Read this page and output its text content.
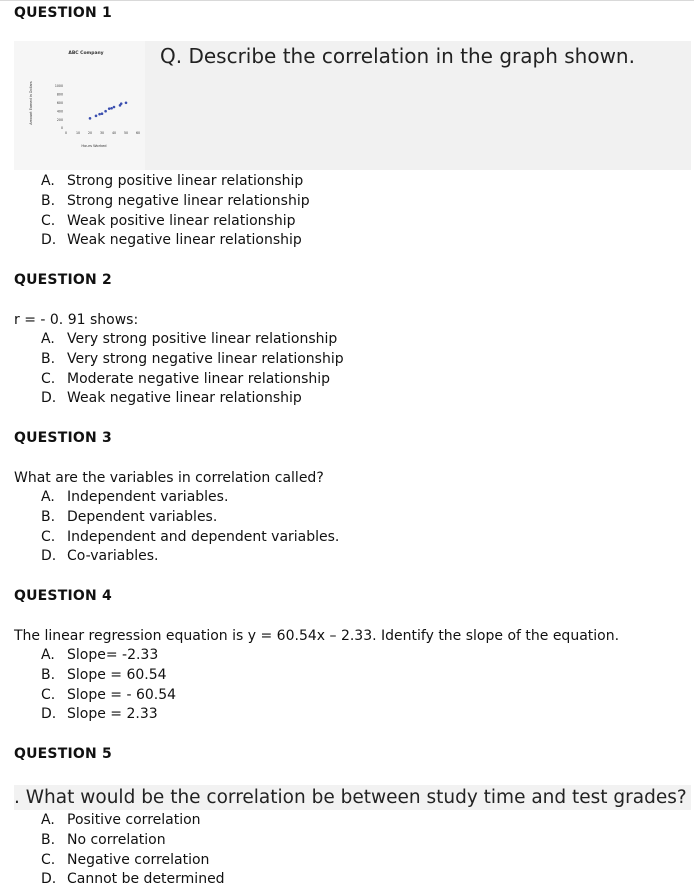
QUESTION 1
ABC Company
Amount Earned in Dollars
Hours Worked
1000
800
600
400
200
0
0	10 20 30 40 50 60
Q. Describe the correlation in the graph shown.
A. Strong positive linear relationship
B. Strong negative linear relationship
C. Weak positive linear relationship
D. Weak negative linear relationship
QUESTION 2
r = - 0. 91 shows:
A. Very strong positive linear relationship
B. Very strong negative linear relationship
C. Moderate negative linear relationship
D. Weak negative linear relationship
QUESTION 3
What are the variables in correlation called?
A. Independent variables.
B. Dependent variables.
C. Independent and dependent variables.
D. Co-variables.
QUESTION 4
The linear regression equation is y = 60.54x – 2.33. Identify the slope of the equation.
A. Slope= -2.33
B. Slope = 60.54
C. Slope = - 60.54
D. Slope = 2.33
QUESTION 5
. What would be the correlation be between study time and test grades?
A. Positive correlation
B. No correlation
C. Negative correlation
D. Cannot be determined
